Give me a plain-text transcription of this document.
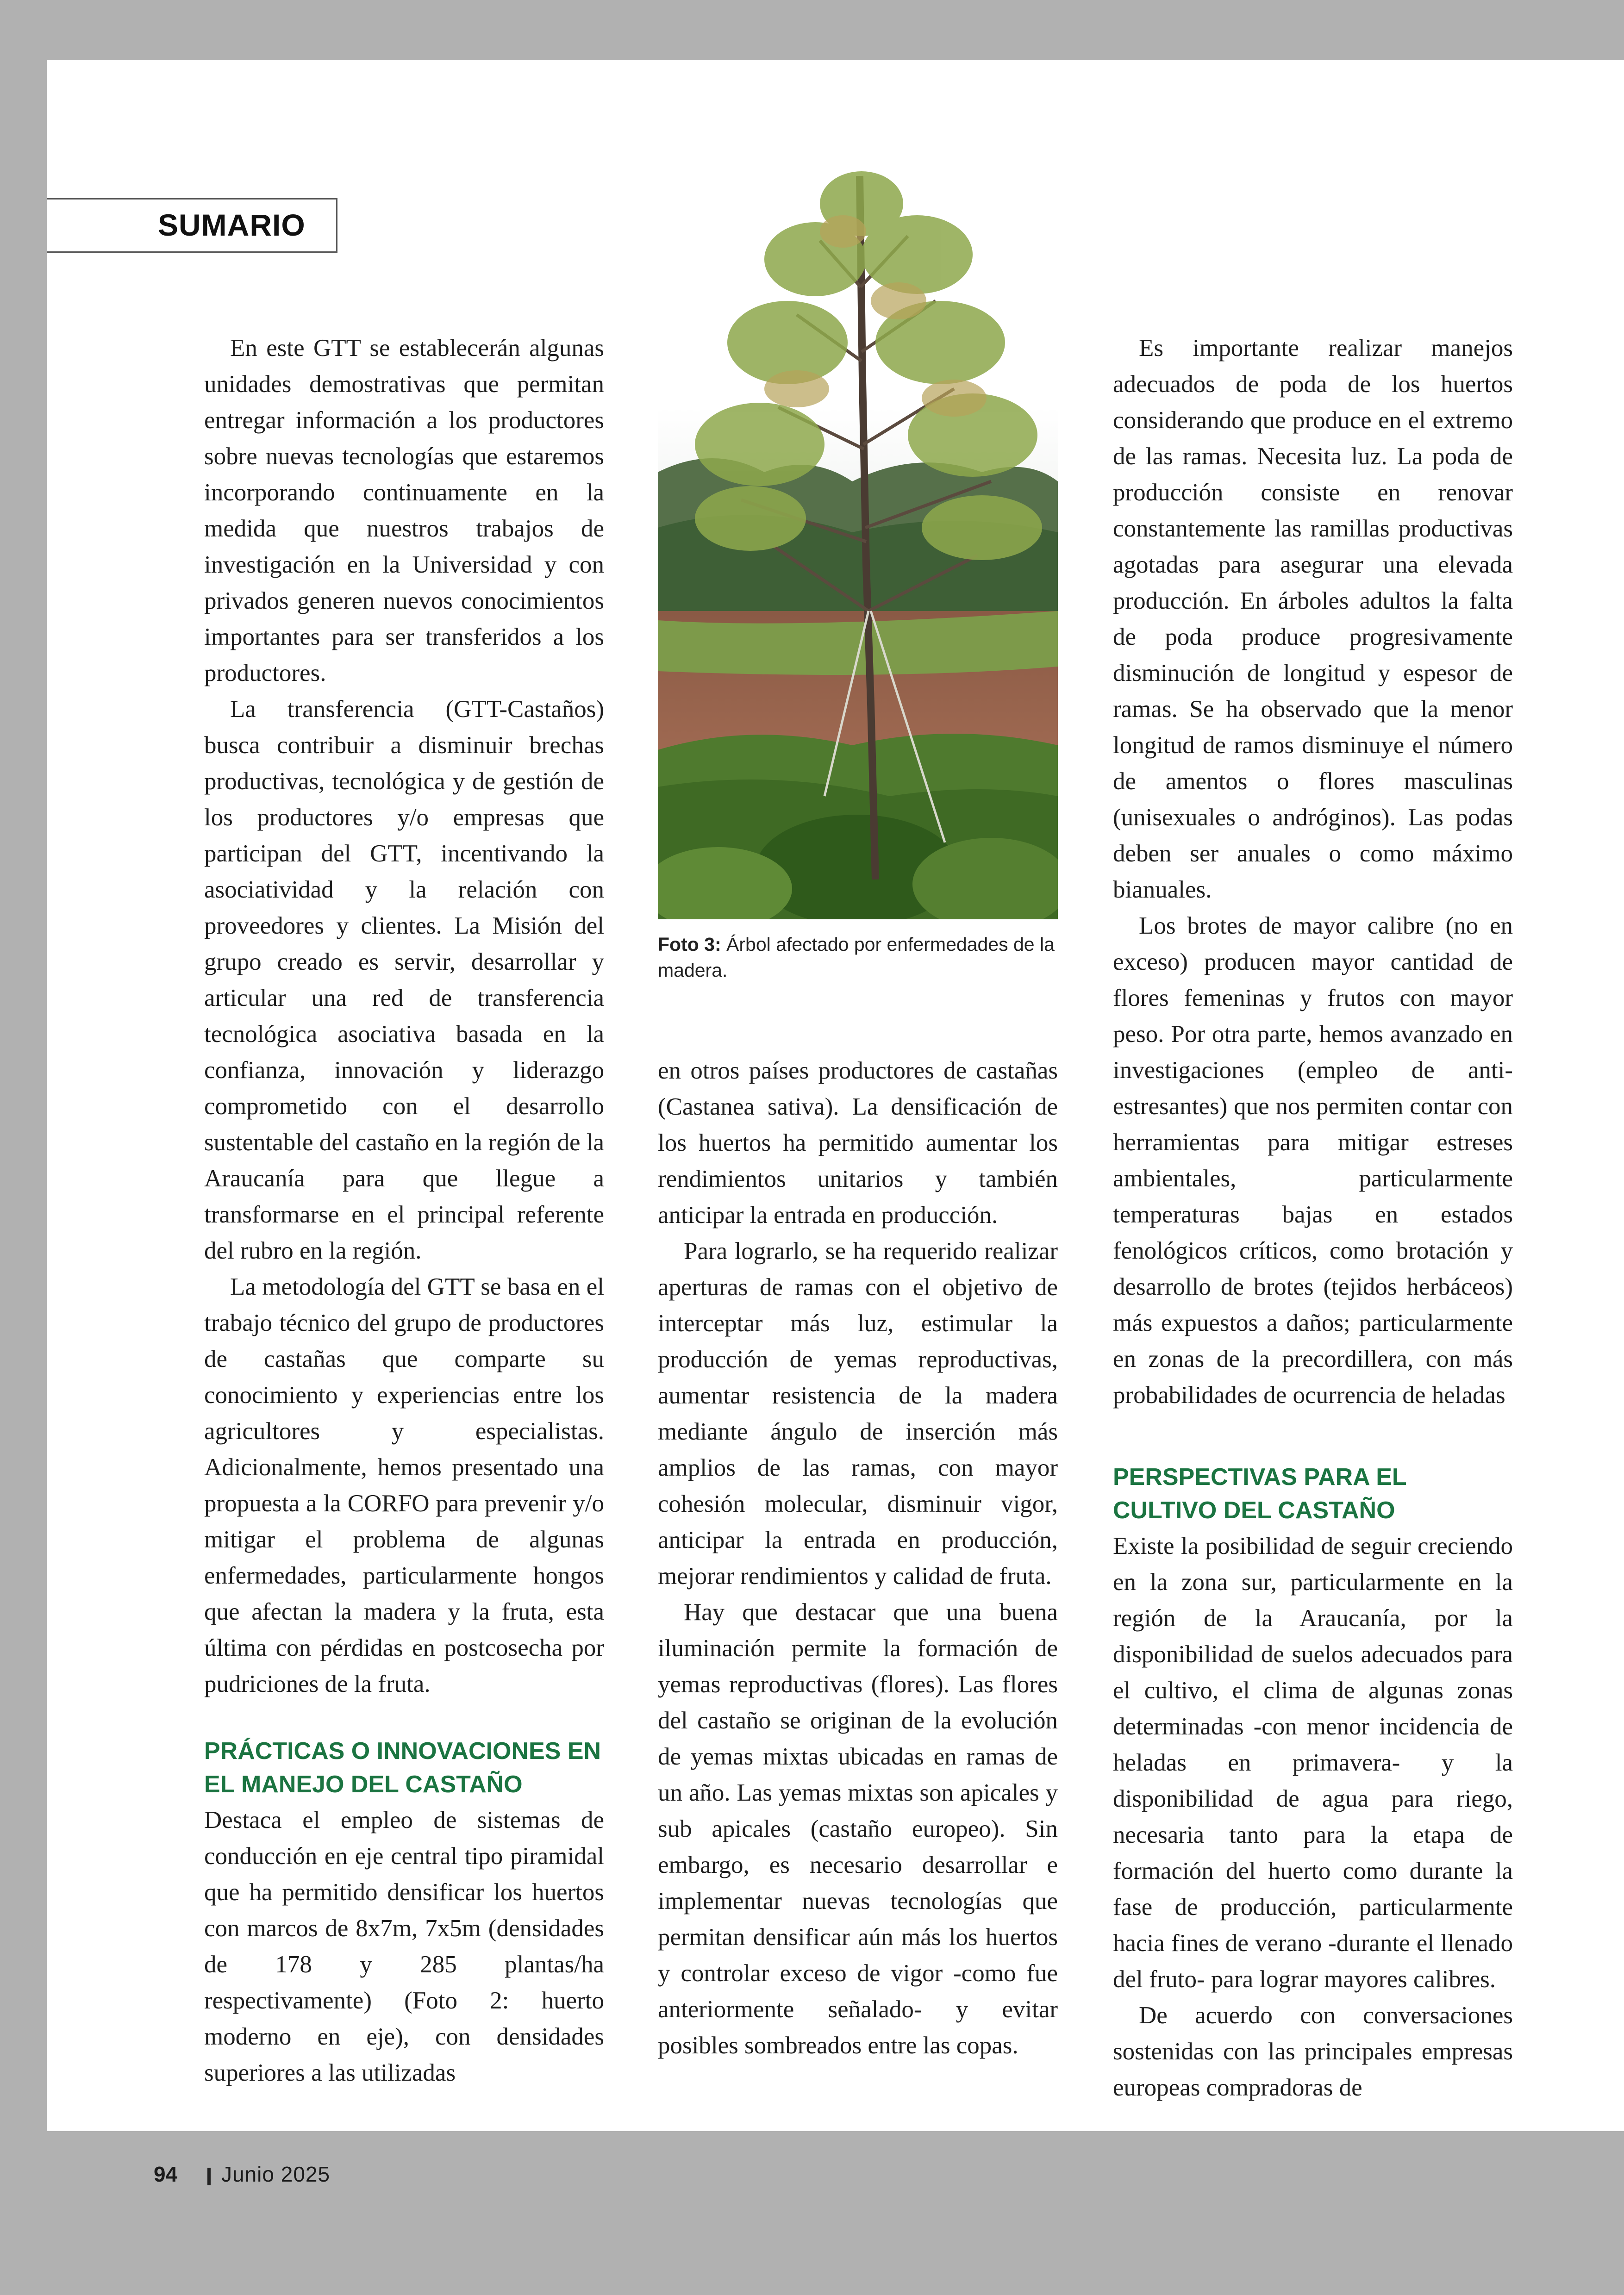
SUMARIO

En este GTT se establecerán algunas unidades demostrativas que permitan entregar información a los productores sobre nuevas tecnologías que estaremos incorporando continuamente en la medida que nuestros trabajos de investigación en la Universidad y con privados generen nuevos conocimientos importantes para ser transferidos a los productores.

La transferencia (GTT-Castaños) busca contribuir a disminuir brechas productivas, tecnológica y de gestión de los productores y/o empresas que participan del GTT, incentivando la asociatividad y la relación con proveedores y clientes. La Misión del grupo creado es servir, desarrollar y articular una red de transferencia tecnológica asociativa basada en la confianza, innovación y liderazgo comprometido con el desarrollo sustentable del castaño en la región de la Araucanía para que llegue a transformarse en el principal referente del rubro en la región.

La metodología del GTT se basa en el trabajo técnico del grupo de productores de castañas que comparte su conocimiento y experiencias entre los agricultores y especialistas. Adicionalmente, hemos presentado una propuesta a la CORFO para prevenir y/o mitigar el problema de algunas enfermedades, particularmente hongos que afectan la madera y la fruta, esta última con pérdidas en postcosecha por pudriciones de la fruta.

PRÁCTICAS O INNOVACIONES EN EL MANEJO DEL CASTAÑO

Destaca el empleo de sistemas de conducción en eje central tipo piramidal que ha permitido densificar los huertos con marcos de 8x7m, 7x5m (densidades de 178 y 285 plantas/ha respectivamente) (Foto 2: huerto moderno en eje), con densidades superiores a las utilizadas

Foto 3: Árbol afectado por enfermedades de la madera.

en otros países productores de castañas (Castanea sativa). La densificación de los huertos ha permitido aumentar los rendimientos unitarios y también anticipar la entrada en producción.

Para lograrlo, se ha requerido realizar aperturas de ramas con el objetivo de interceptar más luz, estimular la producción de yemas reproductivas, aumentar resistencia de la madera mediante ángulo de inserción más amplios de las ramas, con mayor cohesión molecular, disminuir vigor, anticipar la entrada en producción, mejorar rendimientos y calidad de fruta.

Hay que destacar que una buena iluminación permite la formación de yemas reproductivas (flores). Las flores del castaño se originan de la evolución de yemas mixtas ubicadas en ramas de un año. Las yemas mixtas son apicales y sub apicales (castaño europeo). Sin embargo, es necesario desarrollar e implementar nuevas tecnologías que permitan densificar aún más los huertos y controlar exceso de vigor -como fue anteriormente señalado- y evitar posibles sombreados entre las copas.

Es importante realizar manejos adecuados de poda de los huertos considerando que produce en el extremo de las ramas. Necesita luz. La poda de producción consiste en renovar constantemente las ramillas productivas agotadas para asegurar una elevada producción. En árboles adultos la falta de poda produce progresivamente disminución de longitud y espesor de ramas. Se ha observado que la menor longitud de ramos disminuye el número de amentos o flores masculinas (unisexuales o andróginos). Las podas deben ser anuales o como máximo bianuales.

Los brotes de mayor calibre (no en exceso) producen mayor cantidad de flores femeninas y frutos con mayor peso. Por otra parte, hemos avanzado en investigaciones (empleo de anti-estresantes) que nos permiten contar con herramientas para mitigar estreses ambientales, particularmente temperaturas bajas en estados fenológicos críticos, como brotación y desarrollo de brotes (tejidos herbáceos) más expuestos a daños; particularmente en zonas de la precordillera, con más probabilidades de ocurrencia de heladas

PERSPECTIVAS PARA EL CULTIVO DEL CASTAÑO

Existe la posibilidad de seguir creciendo en la zona sur, particularmente en la región de la Araucanía, por la disponibilidad de suelos adecuados para el cultivo, el clima de algunas zonas determinadas -con menor incidencia de heladas en primavera- y la disponibilidad de agua para riego, necesaria tanto para la etapa de formación del huerto como durante la fase de producción, particularmente hacia fines de verano -durante el llenado del fruto- para lograr mayores calibres.

De acuerdo con conversaciones sostenidas con las principales empresas europeas compradoras de

94 Junio 2025
